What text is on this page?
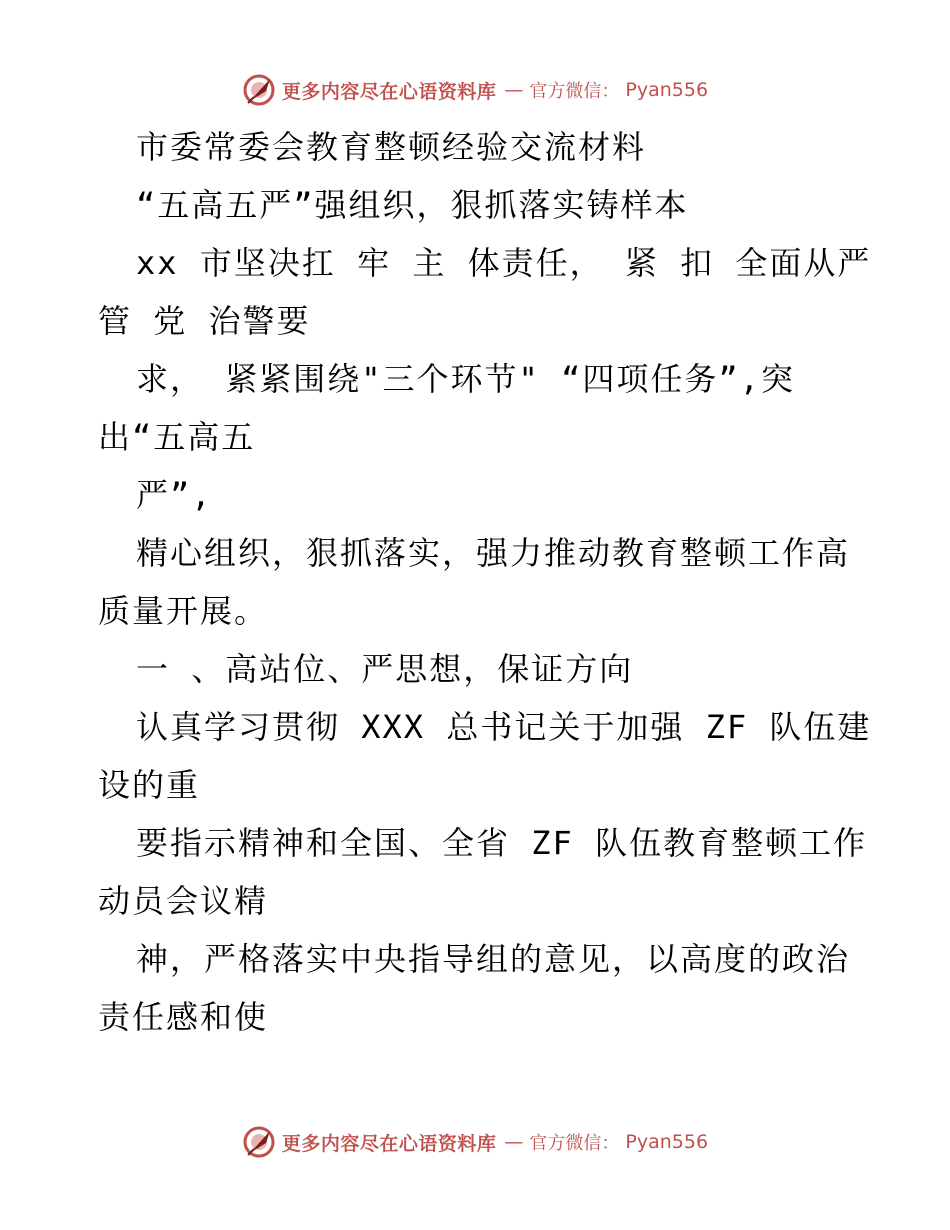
更多内容尽在心语资料库 — 官方微信： Pyan556
市委常委会教育整顿经验交流材料
“五高五严”强组织，狠抓落实铸样本
xx 市坚决扛 牢 主 体责任， 紧 扣 全面从严
管 党 治警要
求， 紧紧围绕"三个环节" “四项任务”,突
出“五高五
严”,
精心组织，狠抓落实，强力推动教育整顿工作高
质量开展。
一 、高站位、严思想，保证方向
认真学习贯彻 XXX 总书记关于加强 ZF 队伍建
设的重
要指示精神和全国、全省 ZF 队伍教育整顿工作
动员会议精
神，严格落实中央指导组的意见，以高度的政治
责任感和使
更多内容尽在心语资料库 — 官方微信： Pyan556
